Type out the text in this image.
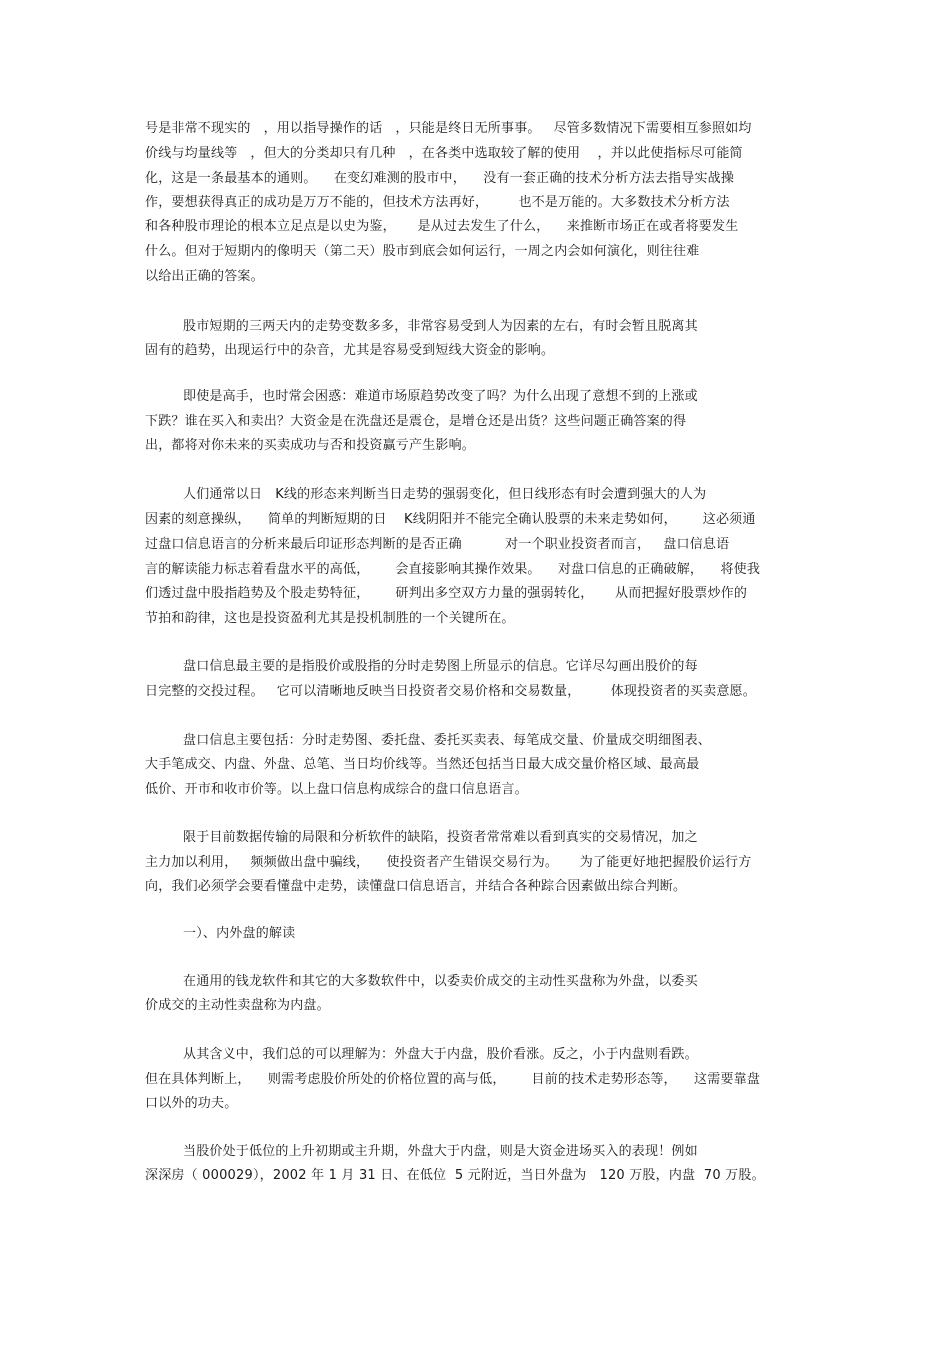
号是非常不现实的   ，用以指导操作的话   ，只能是终日无所事事。   尽管多数情况下需要相互参照如均
价线与均量线等   ，但大的分类却只有几种   ，在各类中选取较了解的使用    ，并以此使指标尽可能简
化，这是一条最基本的通则。    在变幻难测的股市中，    没有一套正确的技术分析方法去指导实战操
作，要想获得真正的成功是万万不能的，但技术方法再好，       也不是万能的。大多数技术分析方法
和各种股市理论的根本立足点是以史为鉴，     是从过去发生了什么，    来推断市场正在或者将要发生
什么。但对于短期内的像明天（第二天）股市到底会如何运行，一周之内会如何演化，则往往难
以给出正确的答案。
股市短期的三两天内的走势变数多多，非常容易受到人为因素的左右，有时会暂且脱离其
固有的趋势，出现运行中的杂音，尤其是容易受到短线大资金的影响。
即使是高手，也时常会困惑：难道市场原趋势改变了吗？为什么出现了意想不到的上涨或
下跌？谁在买入和卖出？大资金是在洗盘还是震仓，是增仓还是出货？这些问题正确答案的得
出，都将对你未来的买卖成功与否和投资赢亏产生影响。
人们通常以日   K线的形态来判断当日走势的强弱变化，但日线形态有时会遭到强大的人为
因素的刻意操纵，    简单的判断短期的日    K线阴阳并不能完全确认股票的未来走势如何，      这必须通
过盘口信息语言的分析来最后印证形态判断的是否正确          对一个职业投资者而言，   盘口信息语
言的解读能力标志着看盘水平的高低，      会直接影响其操作效果。    对盘口信息的正确破解，    将使我
们透过盘中股指趋势及个股走势特征，      研判出多空双方力量的强弱转化，     从而把握好股票炒作的
节拍和韵律，这也是投资盈利尤其是投机制胜的一个关键所在。
盘口信息最主要的是指股价或股指的分时走势图上所显示的信息。它详尽勾画出股价的每
日完整的交投过程。   它可以清晰地反映当日投资者交易价格和交易数量，       体现投资者的买卖意愿。
盘口信息主要包括：分时走势图、委托盘、委托买卖表、每笔成交量、价量成交明细图表、
大手笔成交、内盘、外盘、总笔、当日均价线等。当然还包括当日最大成交量价格区域、最高最
低价、开市和收市价等。以上盘口信息构成综合的盘口信息语言。
限于目前数据传输的局限和分析软件的缺陷，投资者常常难以看到真实的交易情况，加之
主力加以利用，   频频做出盘中骗线，    使投资者产生错误交易行为。     为了能更好地把握股价运行方
向，我们必须学会要看懂盘中走势，读懂盘口信息语言，并结合各种踪合因素做出综合判断。
一）、内外盘的解读
在通用的钱龙软件和其它的大多数软件中，以委卖价成交的主动性买盘称为外盘，以委买
价成交的主动性卖盘称为内盘。
从其含义中，我们总的可以理解为：外盘大于内盘，股价看涨。反之，小于内盘则看跌。
但在具体判断上，    则需考虑股价所处的价格位置的高与低，      目前的技术走势形态等，    这需要靠盘
口以外的功夫。
当股价处于低位的上升初期或主升期，外盘大于内盘，则是大资金进场买入的表现！例如
深深房（ 000029），2002 年 1 月 31 日、在低位  5 元附近，当日外盘为   120 万股，内盘  70 万股。
